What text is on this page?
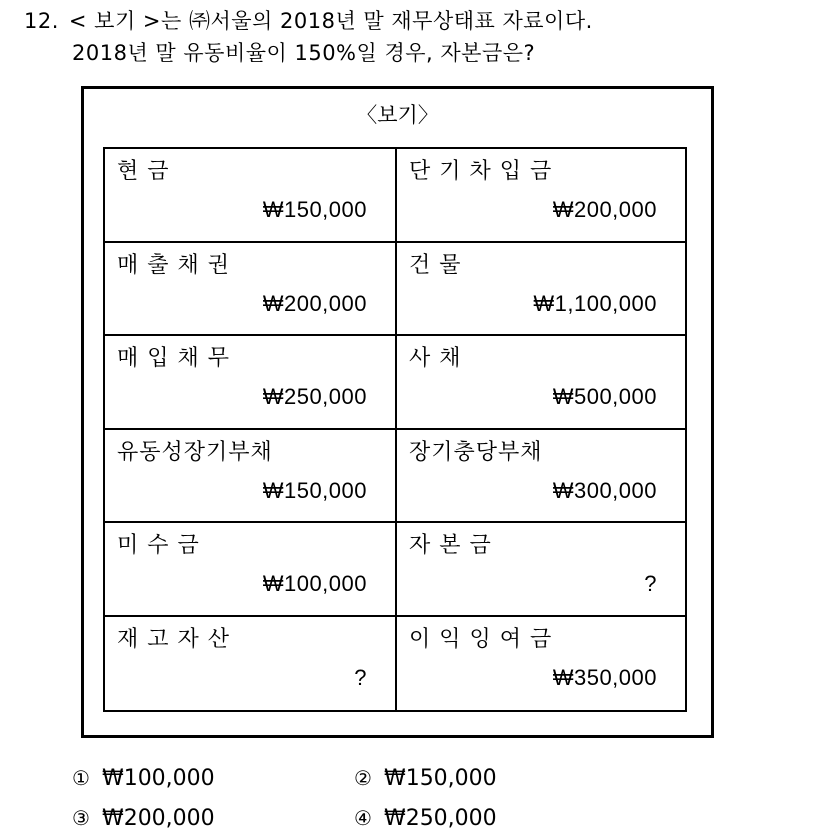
12. < 보기 >는 ㈜서울의 2018년 말 재무상태표 자료이다.
2018년 말 유동비율이 150%일 경우, 자본금은?
〈보기〉
현 금
₩150,000
단 기 차 입 금
₩200,000
매 출 채 권
₩200,000
건 물
₩1,100,000
매 입 채 무
₩250,000
사 채
₩500,000
유동성장기부채
₩150,000
장기충당부채
₩300,000
미 수 금
₩100,000
자 본 금
?
재 고 자 산
?
이 익 잉 여 금
₩350,000
① ₩100,000	② ₩150,000
③ ₩200,000	④ ₩250,000
